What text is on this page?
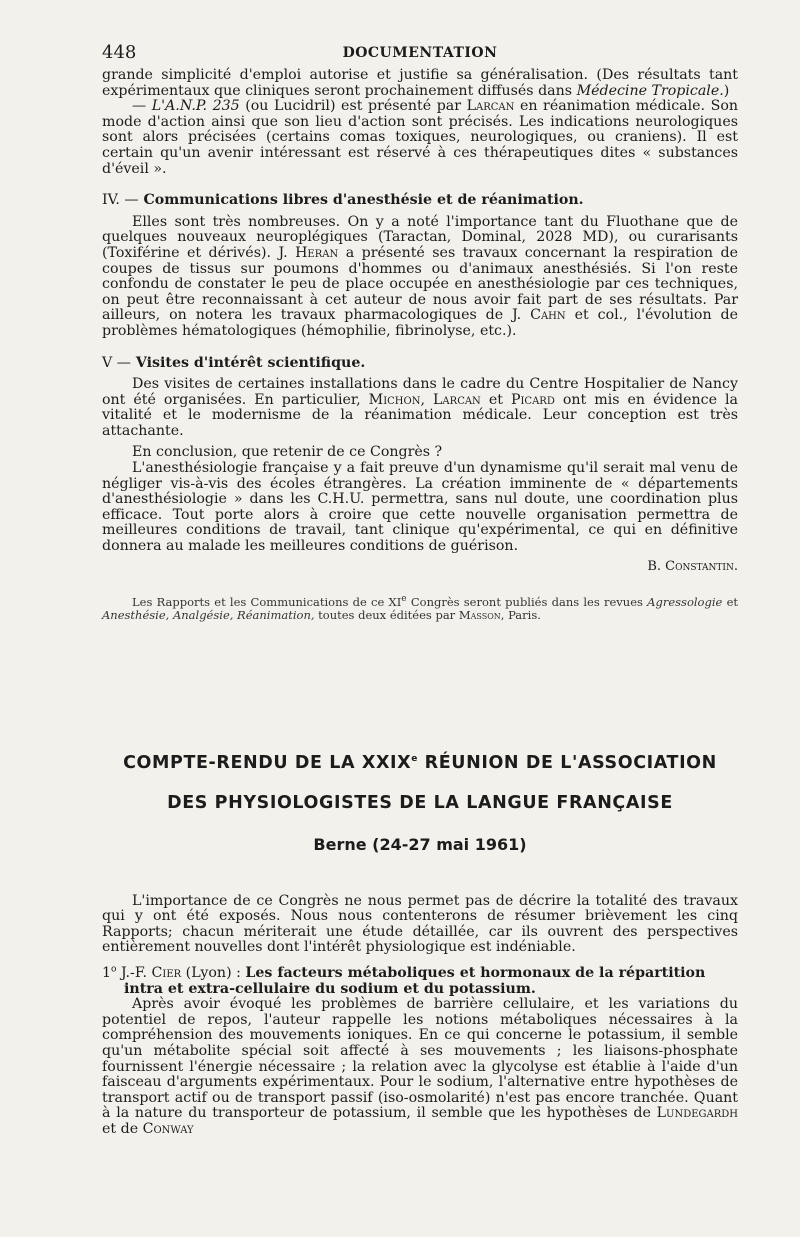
448	DOCUMENTATION

grande simplicité d'emploi autorise et justifie sa généralisation. (Des résultats tant expérimentaux que cliniques seront prochainement diffusés dans Médecine Tropicale.)

— L'A.N.P. 235 (ou Lucidril) est présenté par Larcan en réanimation médicale. Son mode d'action ainsi que son lieu d'action sont précisés. Les indications neurologiques sont alors précisées (certains comas toxiques, neurologiques, ou craniens). Il est certain qu'un avenir intéressant est réservé à ces thérapeutiques dites « substances d'éveil ».

IV. — Communications libres d'anesthésie et de réanimation.

Elles sont très nombreuses. On y a noté l'importance tant du Fluothane que de quelques nouveaux neuroplégiques (Taractan, Dominal, 2028 MD), ou curarisants (Toxiférine et dérivés). J. Heran a présenté ses travaux concernant la respiration de coupes de tissus sur poumons d'hommes ou d'animaux anesthésiés. Si l'on reste confondu de constater le peu de place occupée en anesthésiologie par ces techniques, on peut être reconnaissant à cet auteur de nous avoir fait part de ses résultats. Par ailleurs, on notera les travaux pharmacologiques de J. Cahn et col., l'évolution de problèmes hématologiques (hémophilie, fibrinolyse, etc.).

V — Visites d'intérêt scientifique.

Des visites de certaines installations dans le cadre du Centre Hospitalier de Nancy ont été organisées. En particulier, Michon, Larcan et Picard ont mis en évidence la vitalité et le modernisme de la réanimation médicale. Leur conception est très attachante.

En conclusion, que retenir de ce Congrès ?

L'anesthésiologie française y a fait preuve d'un dynamisme qu'il serait mal venu de négliger vis-à-vis des écoles étrangères. La création imminente de « départements d'anesthésiologie » dans les C.H.U. permettra, sans nul doute, une coordination plus efficace. Tout porte alors à croire que cette nouvelle organisation permettra de meilleures conditions de travail, tant clinique qu'expérimental, ce qui en définitive donnera au malade les meilleures conditions de guérison.

B. Constantin.

Les Rapports et les Communications de ce XIe Congrès seront publiés dans les revues Agressologie et Anesthésie, Analgésie, Réanimation, toutes deux éditées par Masson, Paris.

COMPTE-RENDU DE LA XXIXe RÉUNION DE L'ASSOCIATION
DES PHYSIOLOGISTES DE LA LANGUE FRANÇAISE
Berne (24-27 mai 1961)

L'importance de ce Congrès ne nous permet pas de décrire la totalité des travaux qui y ont été exposés. Nous nous contenterons de résumer brièvement les cinq Rapports; chacun mériterait une étude détaillée, car ils ouvrent des perspectives entièrement nouvelles dont l'intérêt physiologique est indéniable.

1$^o$ J.-F. Cier (Lyon) : Les facteurs métaboliques et hormonaux de la répartition intra et extra-cellulaire du sodium et du potassium.

Après avoir évoqué les problèmes de barrière cellulaire, et les variations du potentiel de repos, l'auteur rappelle les notions métaboliques nécessaires à la compréhension des mouvements ioniques. En ce qui concerne le potassium, il semble qu'un métabolite spécial soit affecté à ses mouvements ; les liaisons-phosphate fournissent l'énergie nécessaire ; la relation avec la glycolyse est établie à l'aide d'un faisceau d'arguments expérimentaux. Pour le sodium, l'alternative entre hypothèses de transport actif ou de transport passif (iso-osmolarité) n'est pas encore tranchée. Quant à la nature du transporteur de potassium, il semble que les hypothèses de Lundegardh et de Conway
